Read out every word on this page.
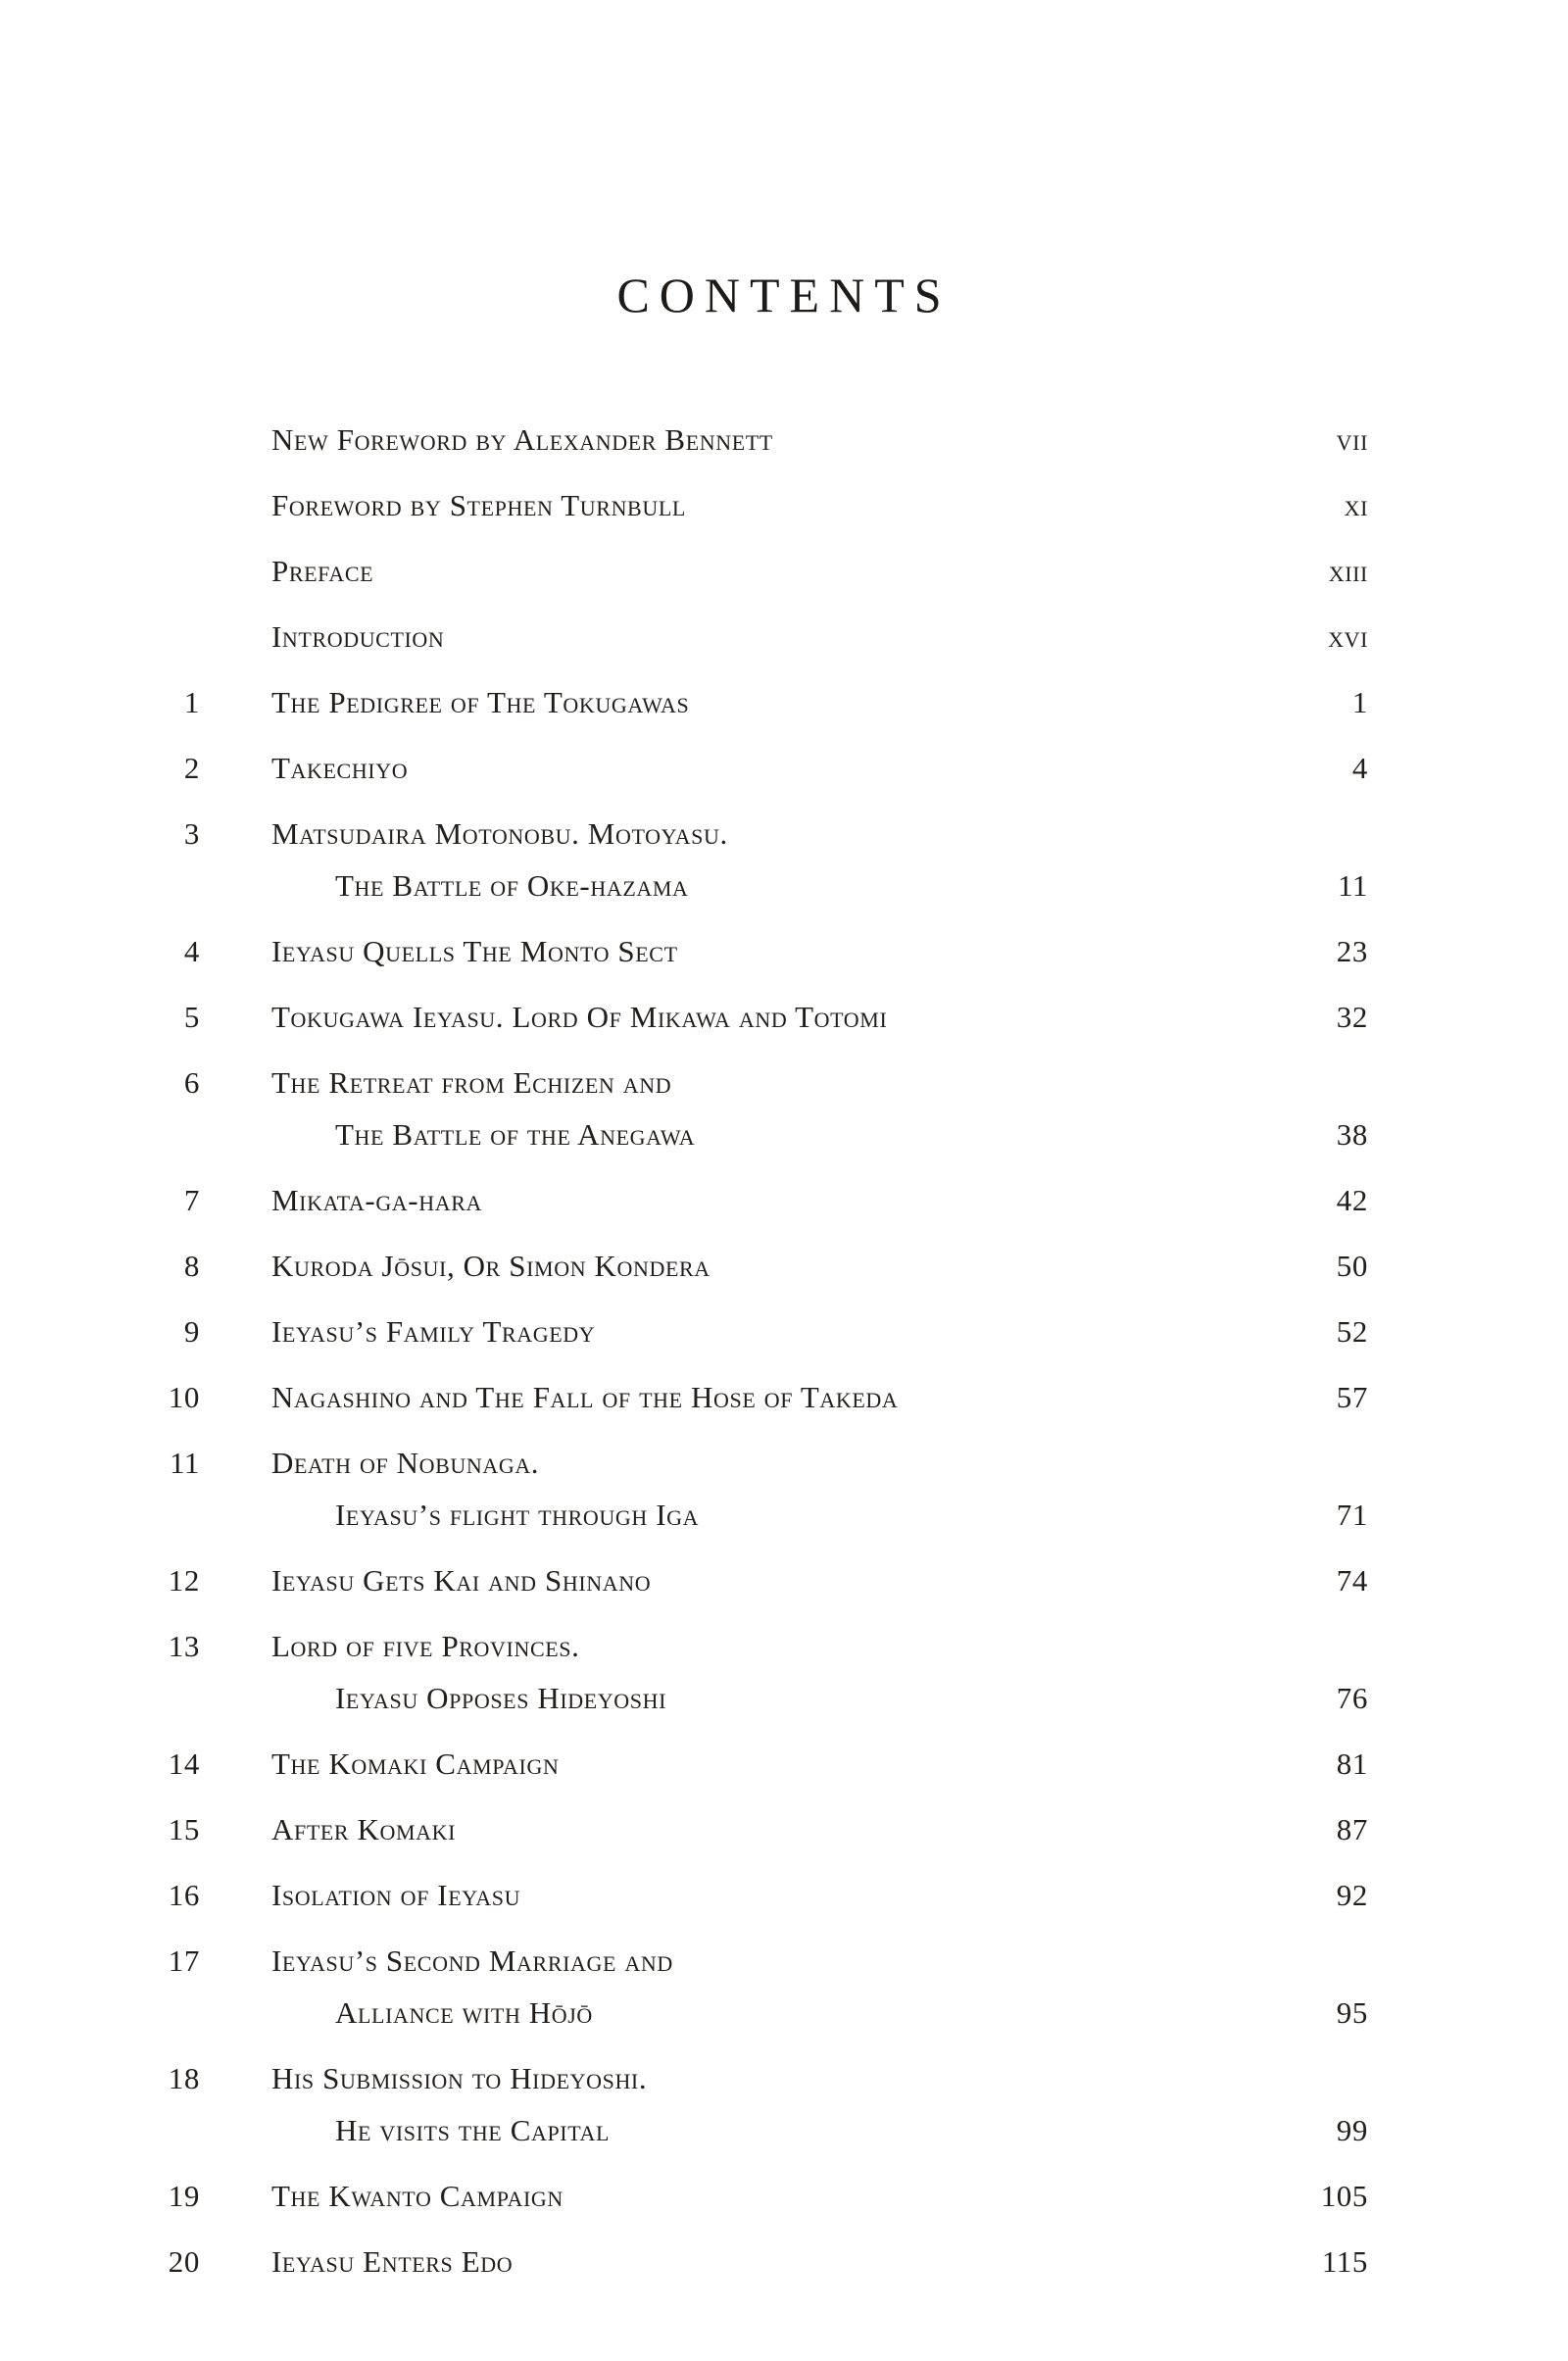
CONTENTS
New Foreword by Alexander Bennett	vii
Foreword by Stephen Turnbull	xi
Preface	xiii
Introduction	xvi
1	The Pedigree of The Tokugawas	1
2	Takechiyo	4
3	Matsudaira Motonobu. Motoyasu.
The Battle of Oke-hazama	11
4	Ieyasu Quells The Monto Sect	23
5	Tokugawa Ieyasu. Lord Of Mikawa and Totomi	32
6	The Retreat from Echizen and
The Battle of the Anegawa	38
7	Mikata-ga-hara	42
8	Kuroda Jōsui, Or Simon Kondera	50
9	Ieyasu’s Family Tragedy	52
10	Nagashino and The Fall of the Hose of Takeda	57
11	Death of Nobunaga.
Ieyasu’s flight through Iga	71
12	Ieyasu Gets Kai and Shinano	74
13	Lord of five Provinces.
Ieyasu Opposes Hideyoshi	76
14	The Komaki Campaign	81
15	After Komaki	87
16	Isolation of Ieyasu	92
17	Ieyasu’s Second Marriage and
Alliance with Hōjō	95
18	His Submission to Hideyoshi.
He visits the Capital	99
19	The Kwanto Campaign	105
20	Ieyasu Enters Edo	115
